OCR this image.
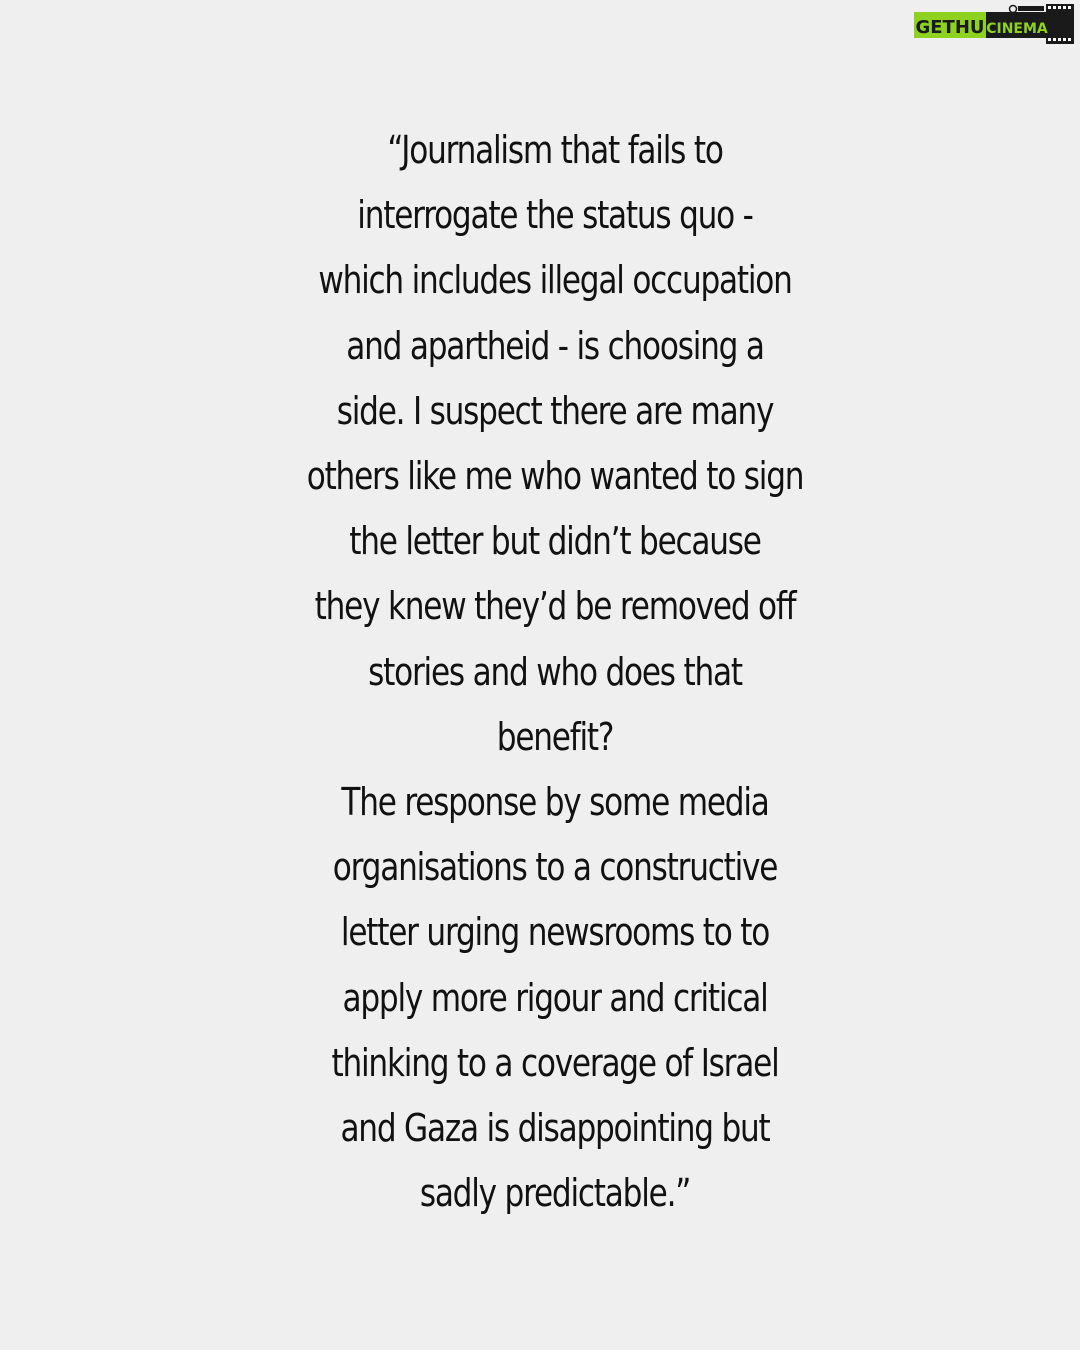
GETHU CINEMA

“Journalism that fails to
interrogate the status quo -
which includes illegal occupation
and apartheid - is choosing a
side. I suspect there are many
others like me who wanted to sign
the letter but didn’t because
they knew they’d be removed off
stories and who does that
benefit?
The response by some media
organisations to a constructive
letter urging newsrooms to to
apply more rigour and critical
thinking to a coverage of Israel
and Gaza is disappointing but
sadly predictable.”
